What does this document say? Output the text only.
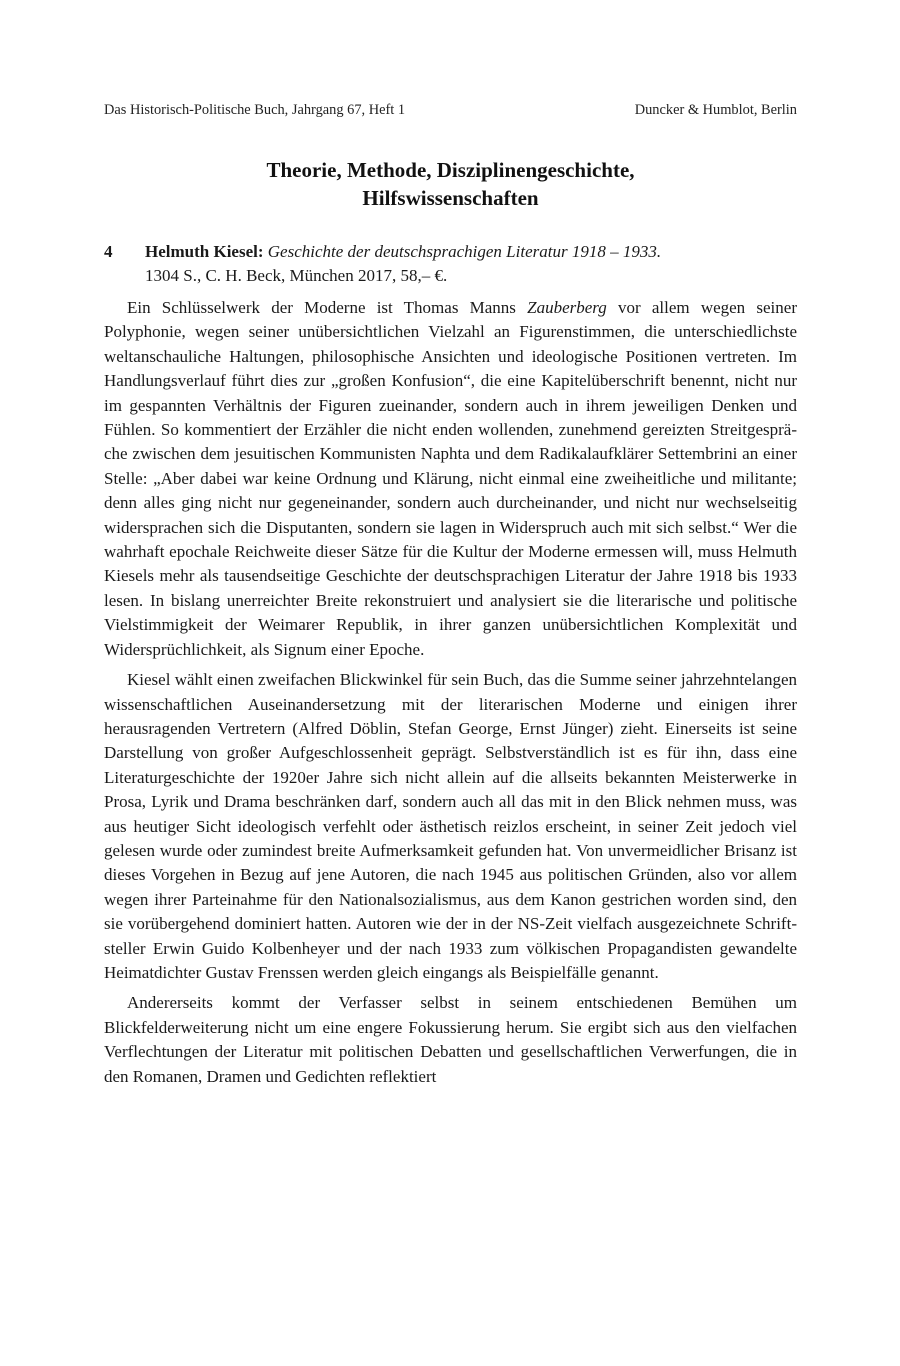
Das Historisch-Politische Buch, Jahrgang 67, Heft 1	Duncker & Humblot, Berlin
Theorie, Methode, Disziplinengeschichte,
Hilfswissenschaften
4 Helmuth Kiesel: Geschichte der deutschsprachigen Literatur 1918 – 1933.
1304 S., C. H. Beck, München 2017, 58,– €.

Ein Schlüsselwerk der Moderne ist Thomas Manns Zauberberg vor allem wegen seiner Polyphonie, wegen seiner unübersichtlichen Vielzahl an Figurenstimmen, die unterschiedlichste weltanschauliche Haltungen, philosophische Ansichten und ideologische Positionen vertreten. Im Handlungsverlauf führt dies zur „großen Konfusion“, die eine Kapitelüberschrift benennt, nicht nur im gespannten Verhältnis der Figuren zueinander, sondern auch in ihrem jeweiligen Denken und Fühlen. So kommentiert der Erzähler die nicht enden wollenden, zunehmend gereizten Streitgespräche zwischen dem jesuitischen Kommunisten Naphta und dem Radikalaufklärer Settembrini an einer Stelle: „Aber dabei war keine Ordnung und Klärung, nicht einmal eine zweiheitliche und militante; denn alles ging nicht nur gegeneinander, sondern auch durcheinander, und nicht nur wechselseitig widersprachen sich die Disputanten, sondern sie lagen in Widerspruch auch mit sich selbst.“ Wer die wahrhaft epochale Reichweite dieser Sätze für die Kultur der Moderne ermessen will, muss Helmuth Kiesels mehr als tausendseitige Geschichte der deutschsprachigen Literatur der Jahre 1918 bis 1933 lesen. In bislang unerreichter Breite rekonstruiert und analysiert sie die literarische und politische Vielstimmigkeit der Weimarer Republik, in ihrer ganzen unübersichtlichen Komplexität und Widersprüchlichkeit, als Signum einer Epoche.

Kiesel wählt einen zweifachen Blickwinkel für sein Buch, das die Summe seiner jahrzehntelangen wissenschaftlichen Auseinandersetzung mit der literarischen Moderne und einigen ihrer herausragenden Vertretern (Alfred Döblin, Stefan George, Ernst Jünger) zieht. Einerseits ist seine Darstellung von großer Aufgeschlossenheit geprägt. Selbstverständlich ist es für ihn, dass eine Literaturgeschichte der 1920er Jahre sich nicht allein auf die allseits bekannten Meisterwerke in Prosa, Lyrik und Drama beschränken darf, sondern auch all das mit in den Blick nehmen muss, was aus heutiger Sicht ideologisch verfehlt oder ästhetisch reizlos erscheint, in seiner Zeit jedoch viel gelesen wurde oder zumindest breite Aufmerksamkeit gefunden hat. Von unvermeidlicher Brisanz ist dieses Vorgehen in Bezug auf jene Autoren, die nach 1945 aus politischen Gründen, also vor allem wegen ihrer Parteinahme für den Nationalsozialismus, aus dem Kanon gestrichen worden sind, den sie vorübergehend dominiert hatten. Autoren wie der in der NS-Zeit vielfach ausgezeichnete Schriftsteller Erwin Guido Kolbenheyer und der nach 1933 zum völkischen Propagandisten gewandelte Heimatdichter Gustav Frenssen werden gleich eingangs als Beispielfälle genannt.

Andererseits kommt der Verfasser selbst in seinem entschiedenen Bemühen um Blickfelderweiterung nicht um eine engere Fokussierung herum. Sie ergibt sich aus den vielfachen Verflechtungen der Literatur mit politischen Debatten und gesellschaftlichen Verwerfungen, die in den Romanen, Dramen und Gedichten reflektiert
